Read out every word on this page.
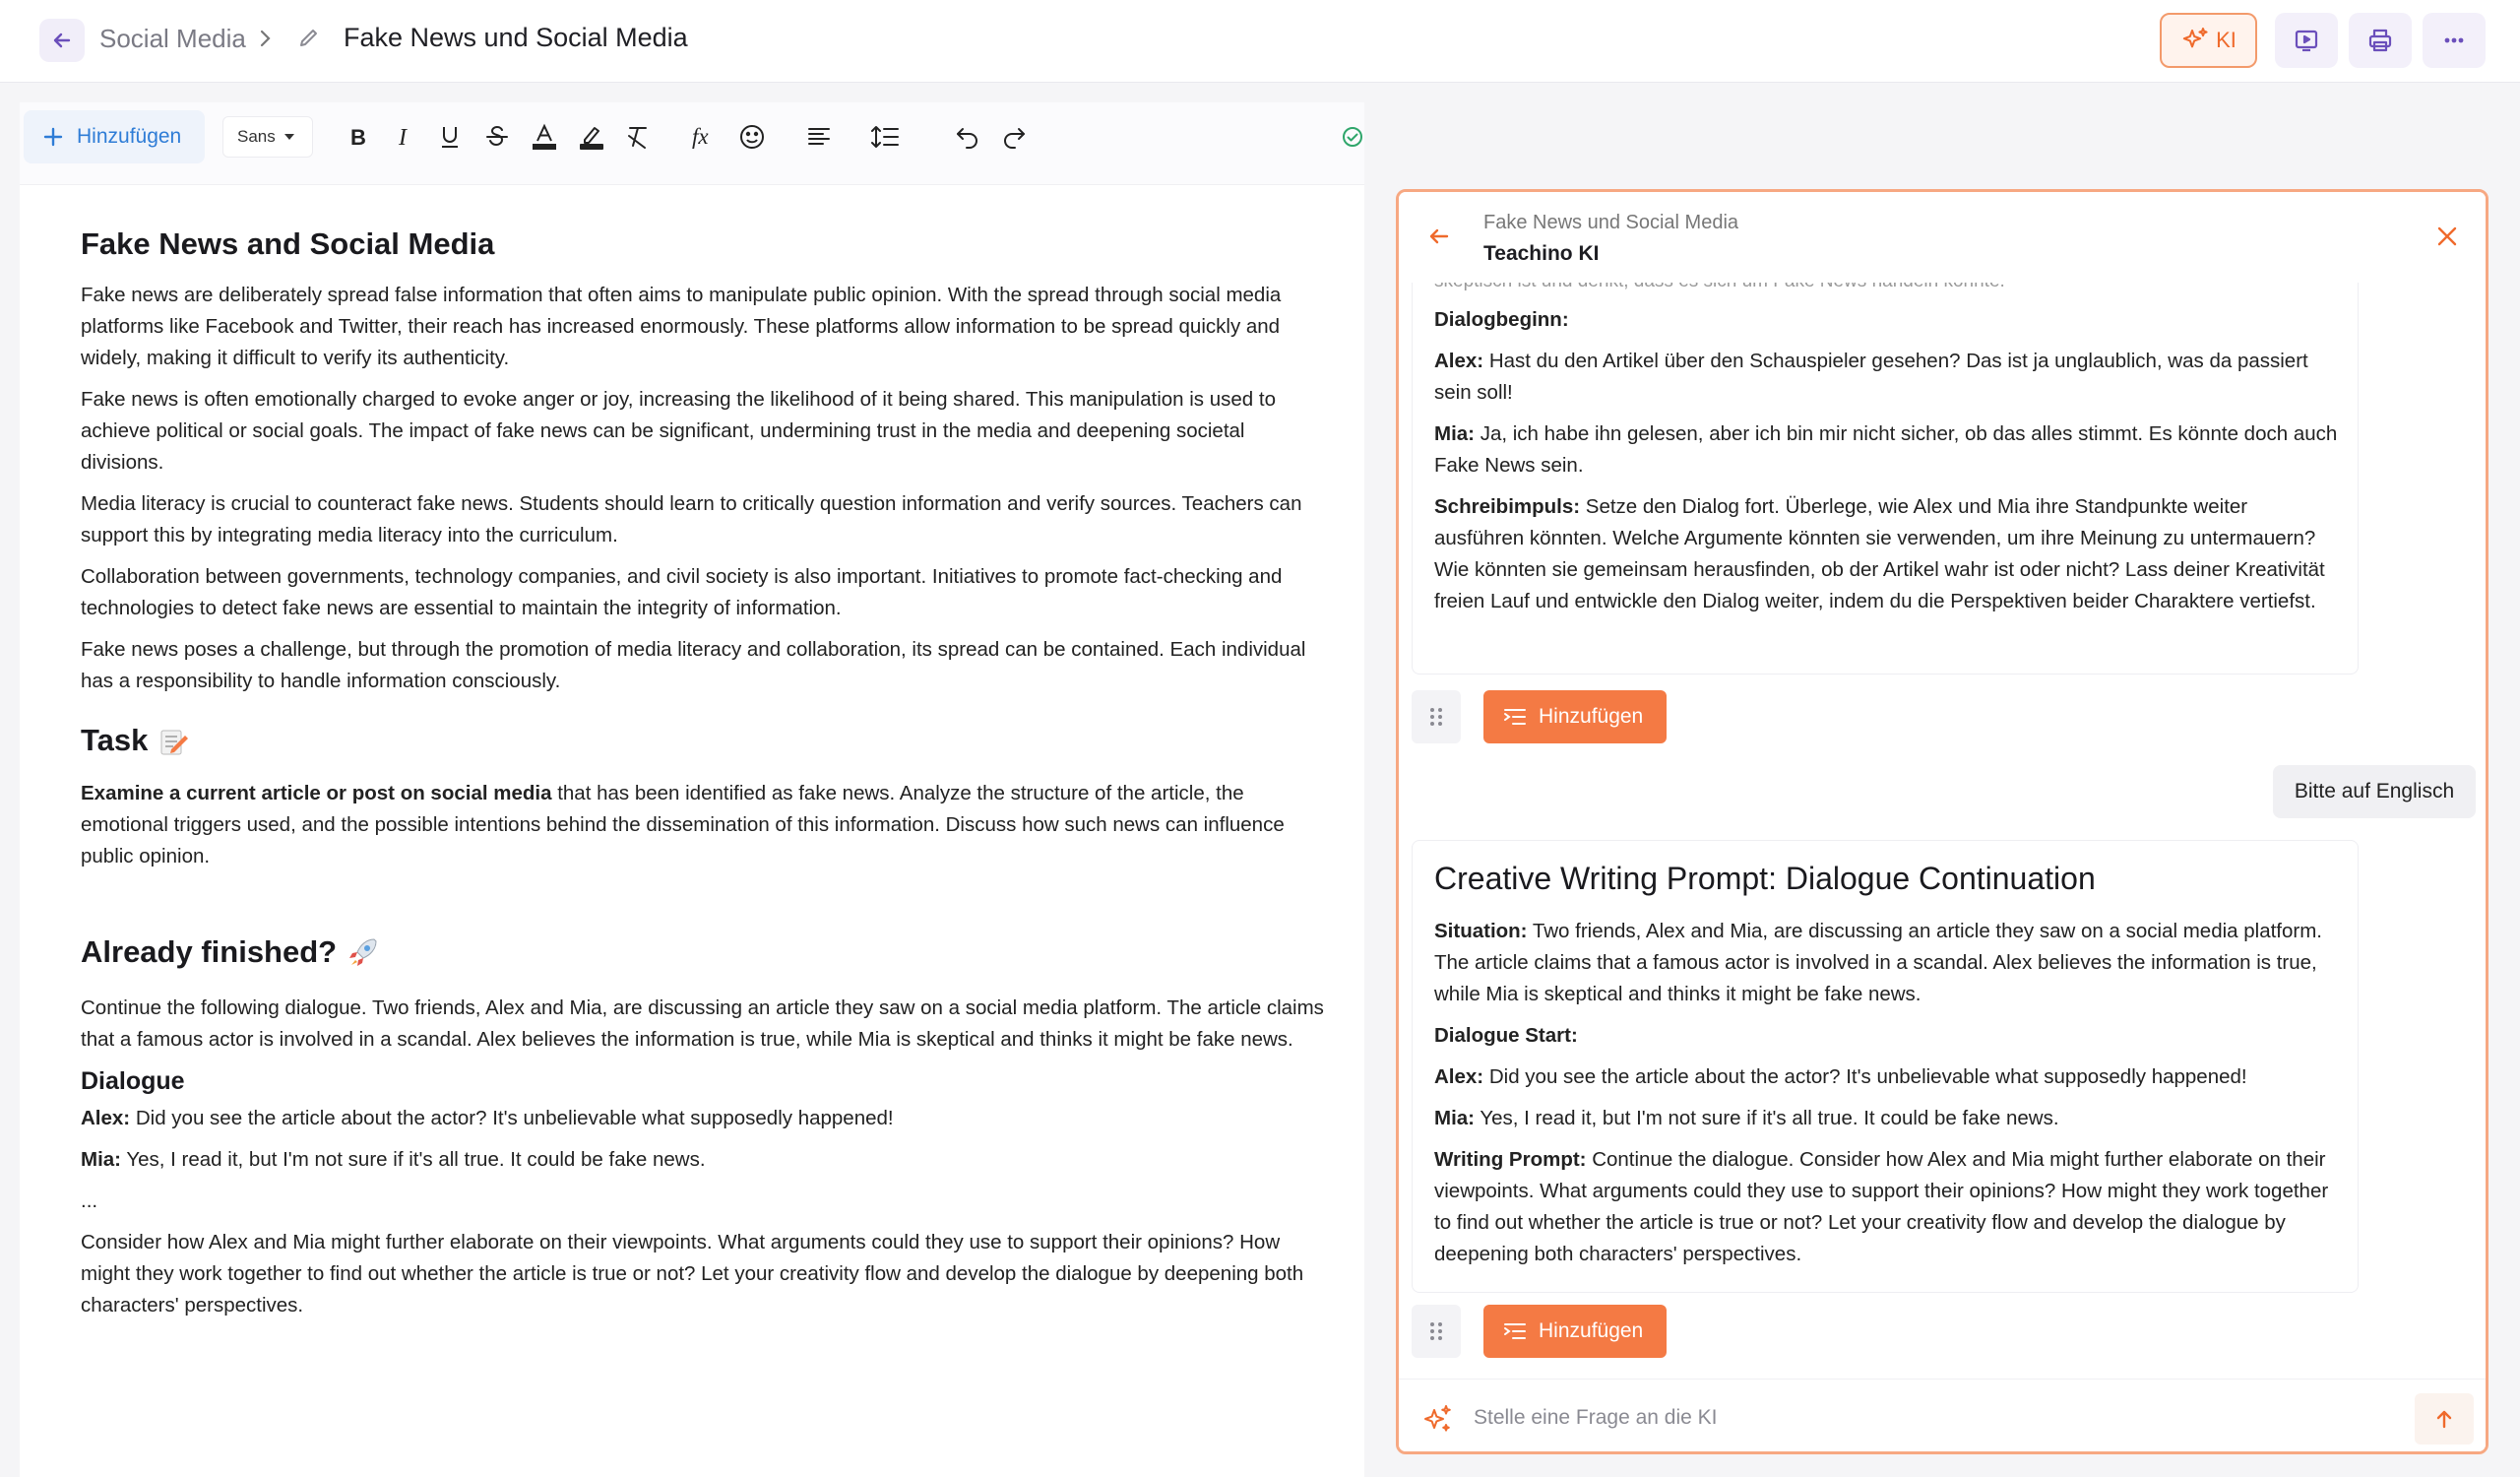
Social Media	Fake News und Social Media	KI
Hinzufügen	Sans	B I	fx
Fake News and Social Media

Fake news are deliberately spread false information that often aims to manipulate public opinion. With the spread through social media platforms like Facebook and Twitter, their reach has increased enormously. These platforms allow information to be spread quickly and widely, making it difficult to verify its authenticity.

Fake news is often emotionally charged to evoke anger or joy, increasing the likelihood of it being shared. This manipulation is used to achieve political or social goals. The impact of fake news can be significant, undermining trust in the media and deepening societal divisions.

Media literacy is crucial to counteract fake news. Students should learn to critically question information and verify sources. Teachers can support this by integrating media literacy into the curriculum.

Collaboration between governments, technology companies, and civil society is also important. Initiatives to promote fact-checking and technologies to detect fake news are essential to maintain the integrity of information.

Fake news poses a challenge, but through the promotion of media literacy and collaboration, its spread can be contained. Each individual has a responsibility to handle information consciously.

Task

Examine a current article or post on social media that has been identified as fake news. Analyze the structure of the article, the emotional triggers used, and the possible intentions behind the dissemination of this information. Discuss how such news can influence public opinion.

Already finished?

Continue the following dialogue. Two friends, Alex and Mia, are discussing an article they saw on a social media platform. The article claims that a famous actor is involved in a scandal. Alex believes the information is true, while Mia is skeptical and thinks it might be fake news.

Dialogue

Alex: Did you see the article about the actor? It's unbelievable what supposedly happened!

Mia: Yes, I read it, but I'm not sure if it's all true. It could be fake news.

...

Consider how Alex and Mia might further elaborate on their viewpoints. What arguments could they use to support their opinions? How might they work together to find out whether the article is true or not? Let your creativity flow and develop the dialogue by deepening both characters' perspectives.

Fake News und Social Media
Teachino KI

Dialogbeginn:

Alex: Hast du den Artikel über den Schauspieler gesehen? Das ist ja unglaublich, was da passiert sein soll!

Mia: Ja, ich habe ihn gelesen, aber ich bin mir nicht sicher, ob das alles stimmt. Es könnte doch auch Fake News sein.

Schreibimpuls: Setze den Dialog fort. Überlege, wie Alex und Mia ihre Standpunkte weiter ausführen könnten. Welche Argumente könnten sie verwenden, um ihre Meinung zu untermauern? Wie könnten sie gemeinsam herausfinden, ob der Artikel wahr ist oder nicht? Lass deiner Kreativität freien Lauf und entwickle den Dialog weiter, indem du die Perspektiven beider Charaktere vertiefst.

Hinzufügen
Bitte auf Englisch
Creative Writing Prompt: Dialogue Continuation

Situation: Two friends, Alex and Mia, are discussing an article they saw on a social media platform. The article claims that a famous actor is involved in a scandal. Alex believes the information is true, while Mia is skeptical and thinks it might be fake news.

Dialogue Start:

Alex: Did you see the article about the actor? It's unbelievable what supposedly happened!

Mia: Yes, I read it, but I'm not sure if it's all true. It could be fake news.

Writing Prompt: Continue the dialogue. Consider how Alex and Mia might further elaborate on their viewpoints. What arguments could they use to support their opinions? How might they work together to find out whether the article is true or not? Let your creativity flow and develop the dialogue by deepening both characters' perspectives.

Hinzufügen
Stelle eine Frage an die KI
